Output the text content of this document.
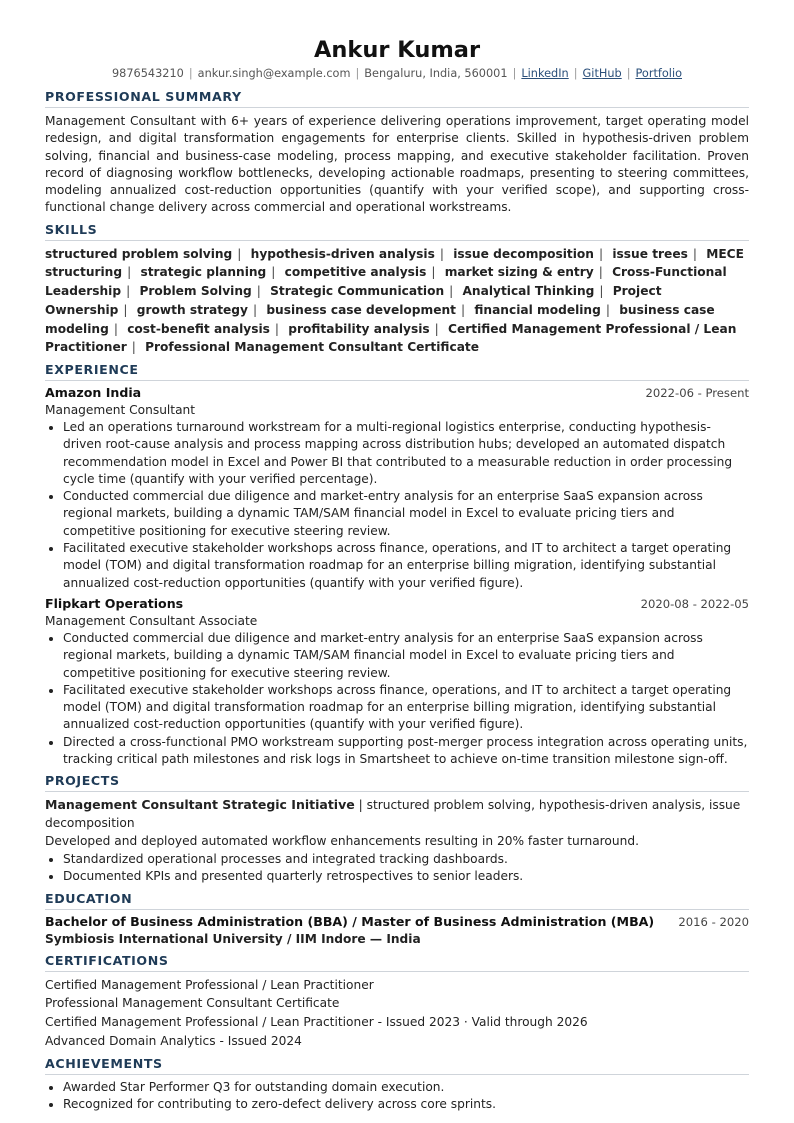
Ankur Kumar
9876543210 | ankur.singh@example.com | Bengaluru, India, 560001 | LinkedIn | GitHub | Portfolio
PROFESSIONAL SUMMARY

Management Consultant with 6+ years of experience delivering operations improvement, target operating model redesign, and digital transformation engagements for enterprise clients. Skilled in hypothesis-driven problem solving, financial and business-case modeling, process mapping, and executive stakeholder facilitation. Proven record of diagnosing workflow bottlenecks, developing actionable roadmaps, presenting to steering committees, modeling annualized cost-reduction opportunities (quantify with your verified scope), and supporting cross-functional change delivery across commercial and operational workstreams.

SKILLS
structured problem solving | hypothesis-driven analysis | issue decomposition | issue trees | MECE structuring | strategic planning | competitive analysis | market sizing & entry | Cross-Functional Leadership | Problem Solving | Strategic Communication | Analytical Thinking | Project Ownership | growth strategy | business case development | financial modeling | business case modeling | cost-benefit analysis | profitability analysis | Certified Management Professional / Lean Practitioner | Professional Management Consultant Certificate
EXPERIENCE
Amazon India	2022-06 - Present
Management Consultant
• Led an operations turnaround workstream for a multi-regional logistics enterprise, conducting hypothesis-driven root-cause analysis and process mapping across distribution hubs; developed an automated dispatch recommendation model in Excel and Power BI that contributed to a measurable reduction in order processing cycle time (quantify with your verified percentage).
• Conducted commercial due diligence and market-entry analysis for an enterprise SaaS expansion across regional markets, building a dynamic TAM/SAM financial model in Excel to evaluate pricing tiers and competitive positioning for executive steering review.
• Facilitated executive stakeholder workshops across finance, operations, and IT to architect a target operating model (TOM) and digital transformation roadmap for an enterprise billing migration, identifying substantial annualized cost-reduction opportunities (quantify with your verified figure).
Flipkart Operations	2020-08 - 2022-05
Management Consultant Associate
• Conducted commercial due diligence and market-entry analysis for an enterprise SaaS expansion across regional markets, building a dynamic TAM/SAM financial model in Excel to evaluate pricing tiers and competitive positioning for executive steering review.
• Facilitated executive stakeholder workshops across finance, operations, and IT to architect a target operating model (TOM) and digital transformation roadmap for an enterprise billing migration, identifying substantial annualized cost-reduction opportunities (quantify with your verified figure).
• Directed a cross-functional PMO workstream supporting post-merger process integration across operating units, tracking critical path milestones and risk logs in Smartsheet to achieve on-time transition milestone sign-off.
PROJECTS
Management Consultant Strategic Initiative | structured problem solving, hypothesis-driven analysis, issue decomposition
Developed and deployed automated workflow enhancements resulting in 20% faster turnaround.
• Standardized operational processes and integrated tracking dashboards.
• Documented KPIs and presented quarterly retrospectives to senior leaders.
EDUCATION
Bachelor of Business Administration (BBA) / Master of Business Administration (MBA) 2016 - 2020
Symbiosis International University / IIM Indore — India
CERTIFICATIONS
Certified Management Professional / Lean Practitioner
Professional Management Consultant Certificate
Certified Management Professional / Lean Practitioner - Issued 2023 · Valid through 2026
Advanced Domain Analytics - Issued 2024
ACHIEVEMENTS
• Awarded Star Performer Q3 for outstanding domain execution.
• Recognized for contributing to zero-defect delivery across core sprints.
